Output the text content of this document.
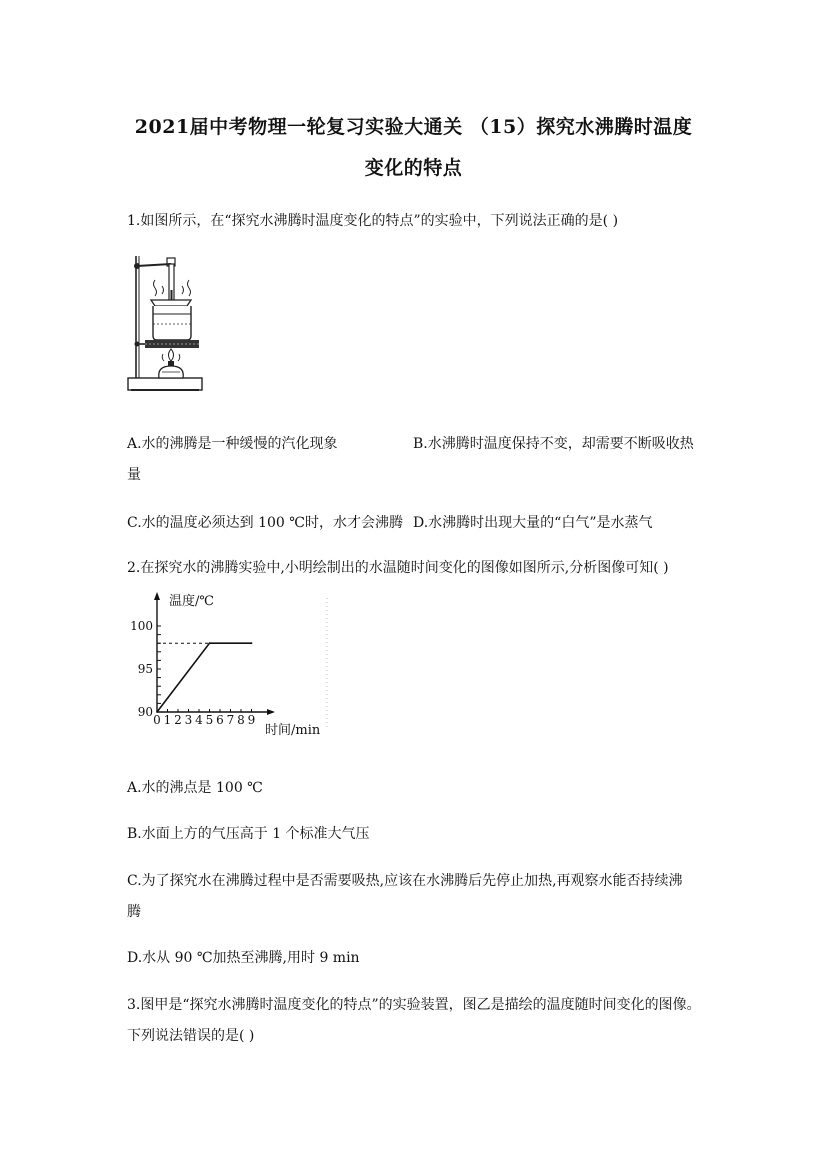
2021届中考物理一轮复习实验大通关 （15）探究水沸腾时温度
变化的特点

1.如图所示，在“探究水沸腾时温度变化的特点”的实验中，下列说法正确的是( )

A.水的沸腾是一种缓慢的汽化现象	B.水沸腾时温度保持不变，却需要不断吸收热
量
C.水的温度必须达到 100 ℃时，水才会沸腾 D.水沸腾时出现大量的“白气”是水蒸气

2.在探究水的沸腾实验中,小明绘制出的水温随时间变化的图像如图所示,分析图像可知( )

90
95
100
0 1 2 3 4 5 6 7 8 9
温度/℃
时间/min

A.水的沸点是 100 ℃

B.水面上方的气压高于 1 个标准大气压

C.为了探究水在沸腾过程中是否需要吸热,应该在水沸腾后先停止加热,再观察水能否持续沸

腾

D.水从 90 ℃加热至沸腾,用时 9 min

3.图甲是“探究水沸腾时温度变化的特点”的实验装置，图乙是描绘的温度随时间变化的图像。

下列说法错误的是( )
